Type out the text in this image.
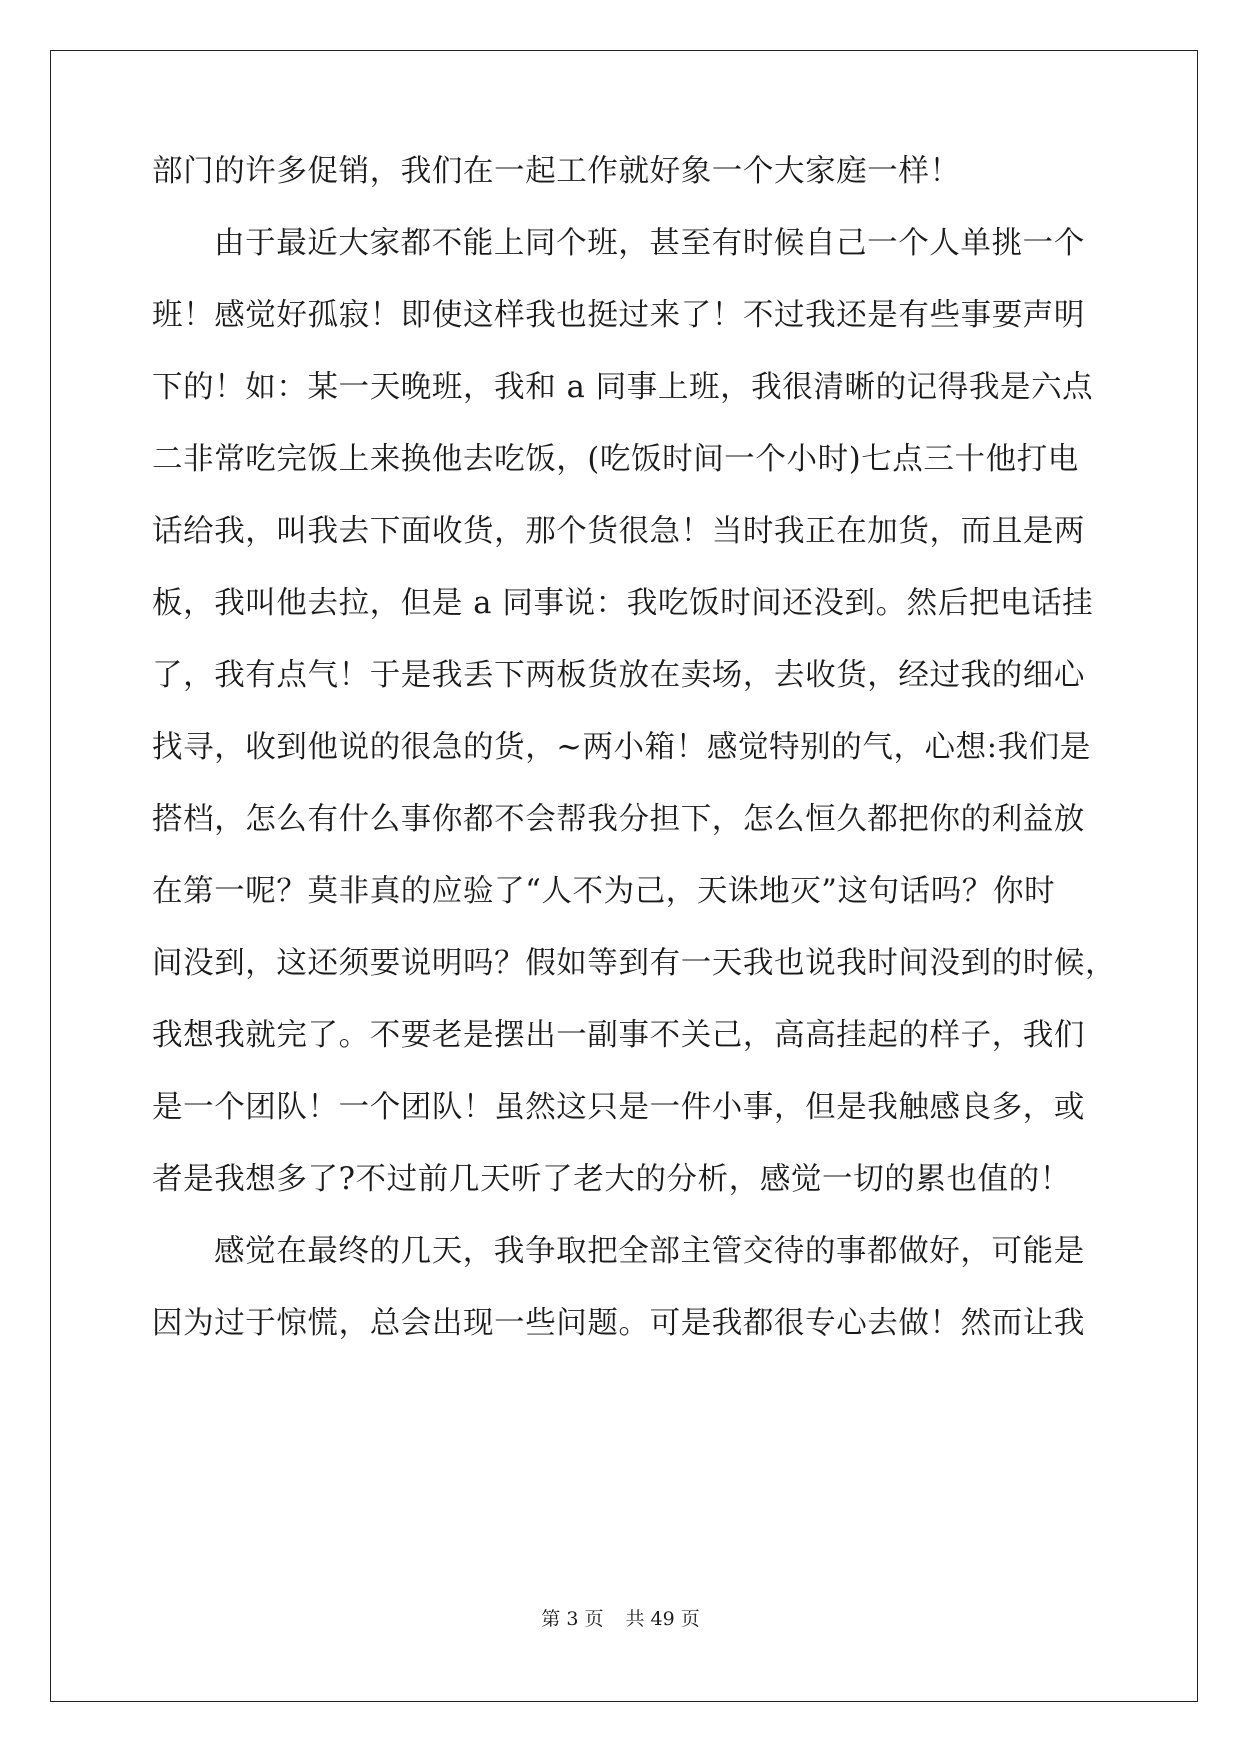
部门的许多促销，我们在一起工作就好象一个大家庭一样！
由于最近大家都不能上同个班，甚至有时候自己一个人单挑一个
班！感觉好孤寂！即使这样我也挺过来了！不过我还是有些事要声明
下的！如：某一天晚班，我和 a 同事上班，我很清晰的记得我是六点
二非常吃完饭上来换他去吃饭，(吃饭时间一个小时)七点三十他打电
话给我，叫我去下面收货，那个货很急！当时我正在加货，而且是两
板，我叫他去拉，但是 a 同事说：我吃饭时间还没到。然后把电话挂
了，我有点气！于是我丢下两板货放在卖场，去收货，经过我的细心
找寻，收到他说的很急的货，~两小箱！感觉特别的气，心想:我们是
搭档，怎么有什么事你都不会帮我分担下，怎么恒久都把你的利益放
在第一呢？莫非真的应验了“人不为己，天诛地灭”这句话吗？你时
间没到，这还须要说明吗？假如等到有一天我也说我时间没到的时候，
我想我就完了。不要老是摆出一副事不关己，高高挂起的样子，我们
是一个团队！一个团队！虽然这只是一件小事，但是我触感良多，或
者是我想多了?不过前几天听了老大的分析，感觉一切的累也值的！
感觉在最终的几天，我争取把全部主管交待的事都做好，可能是
因为过于惊慌，总会出现一些问题。可是我都很专心去做！然而让我
第 3 页 共 49 页
